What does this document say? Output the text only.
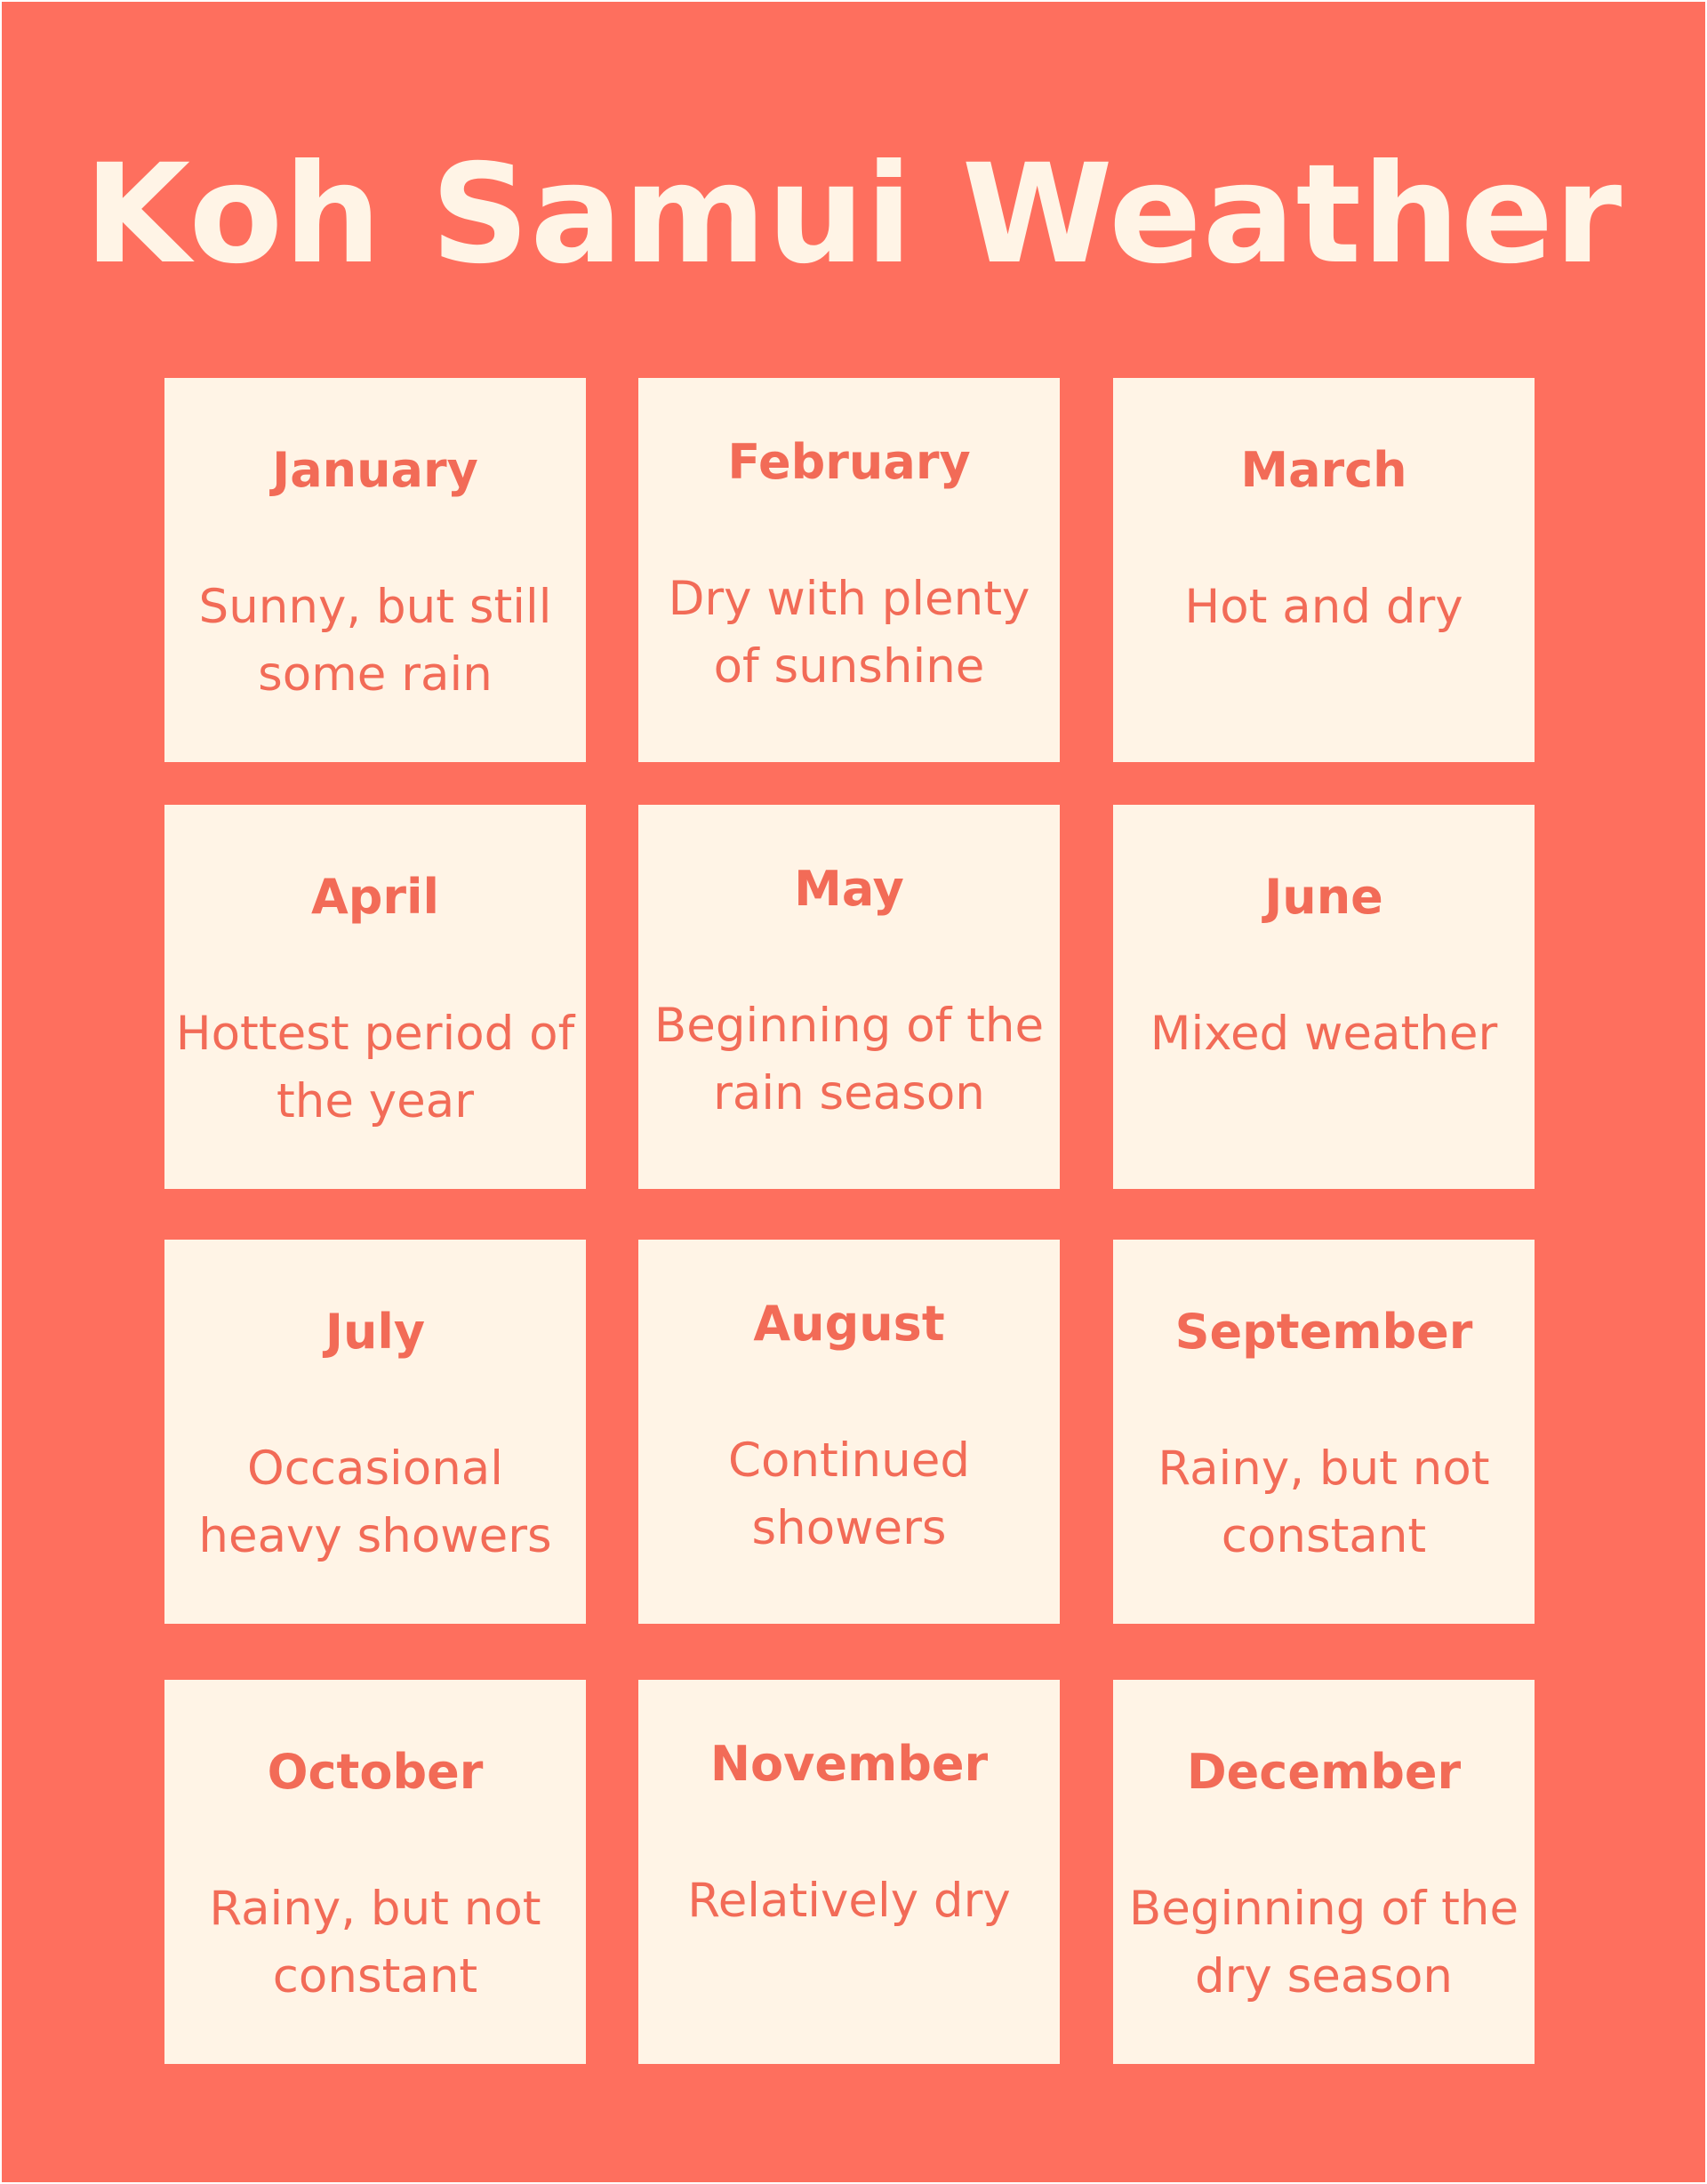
Koh Samui Weather

January

Sunny, but still some rain

February

Dry with plenty of sunshine

March

Hot and dry

April

Hottest period of the year

May

Beginning of the rain season

June

Mixed weather

July

Occasional heavy showers

August

Continued showers

September

Rainy, but not constant

October

Rainy, but not constant

November

Relatively dry

December

Beginning of the dry season
